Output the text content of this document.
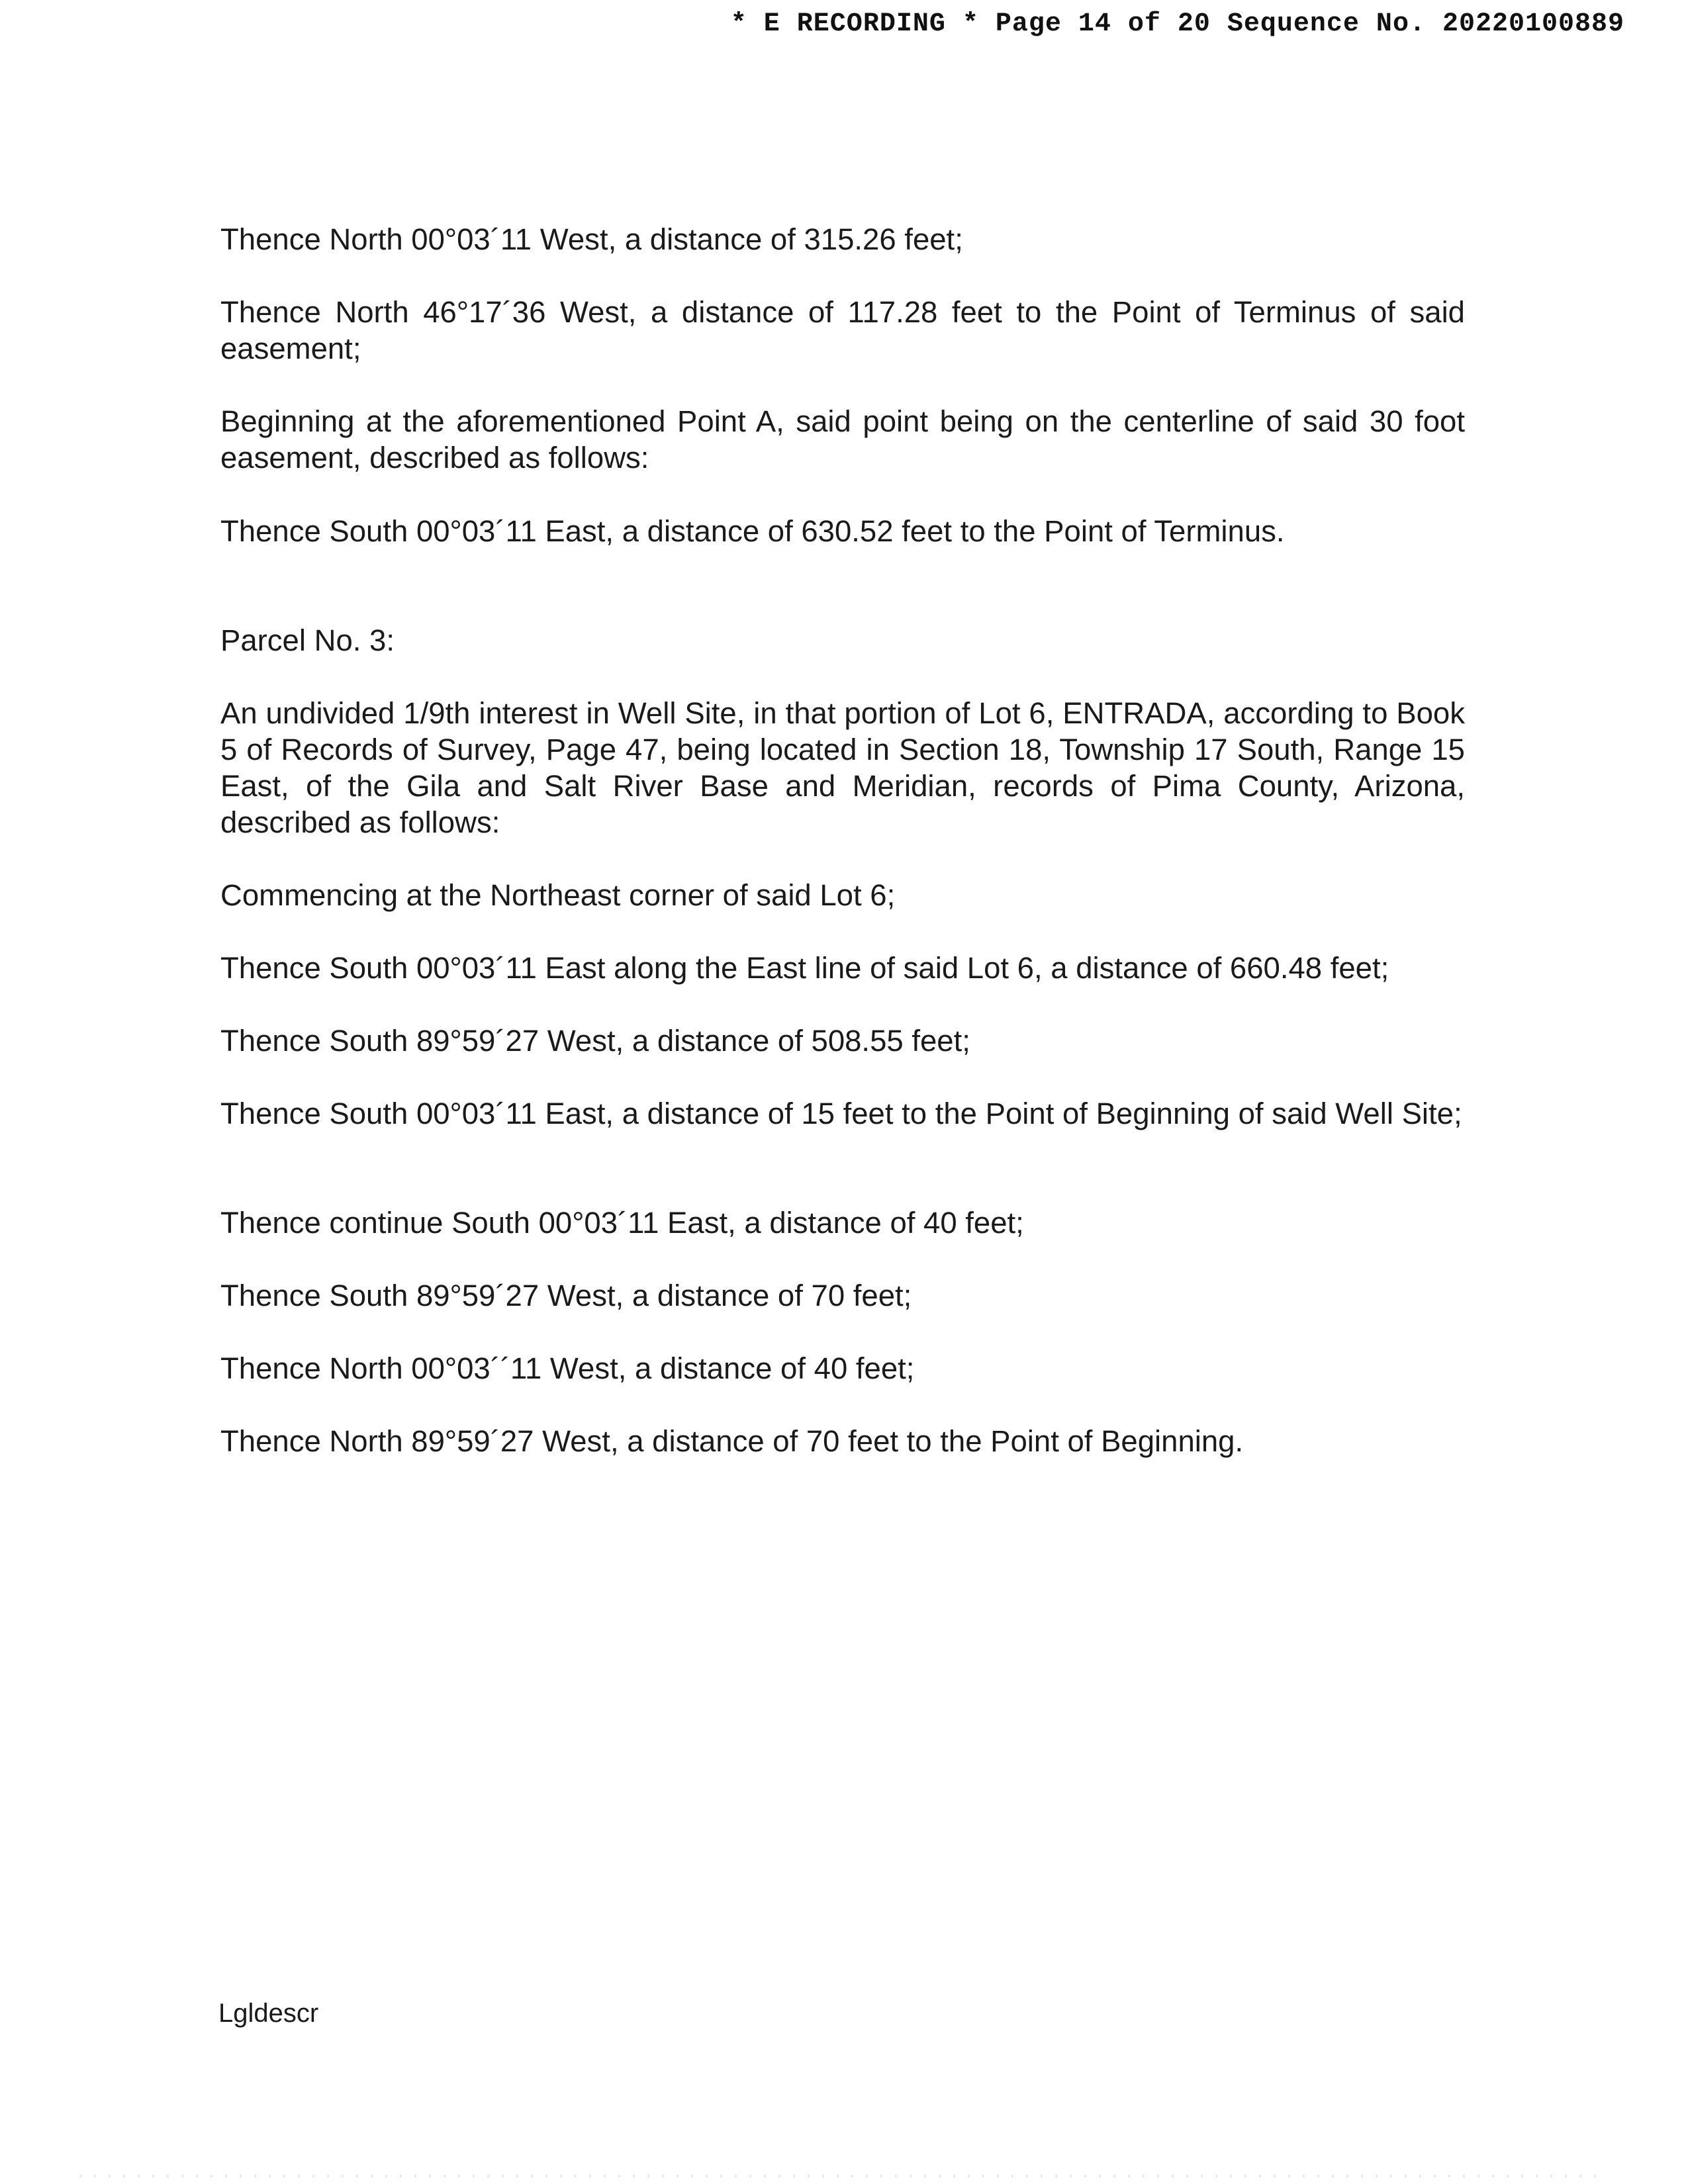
* E RECORDING * Page 14 of 20 Sequence No. 20220100889

Thence North 00°03´11 West, a distance of 315.26 feet;

Thence North 46°17´36 West, a distance of 117.28 feet to the Point of Terminus of said easement;

Beginning at the aforementioned Point A, said point being on the centerline of said 30 foot easement, described as follows:

Thence South 00°03´11 East, a distance of 630.52 feet to the Point of Terminus.

Parcel No. 3:

An undivided 1/9th interest in Well Site, in that portion of Lot 6, ENTRADA, according to Book 5 of Records of Survey, Page 47, being located in Section 18, Township 17 South, Range 15 East, of the Gila and Salt River Base and Meridian, records of Pima County, Arizona, described as follows:

Commencing at the Northeast corner of said Lot 6;

Thence South 00°03´11 East along the East line of said Lot 6, a distance of 660.48 feet;

Thence South 89°59´27 West, a distance of 508.55 feet;

Thence South 00°03´11 East, a distance of 15 feet to the Point of Beginning of said Well Site;

Thence continue South 00°03´11 East, a distance of 40 feet;

Thence South 89°59´27 West, a distance of 70 feet;

Thence North 00°03´´11 West, a distance of 40 feet;

Thence North 89°59´27 West, a distance of 70 feet to the Point of Beginning.

Lgldescr
